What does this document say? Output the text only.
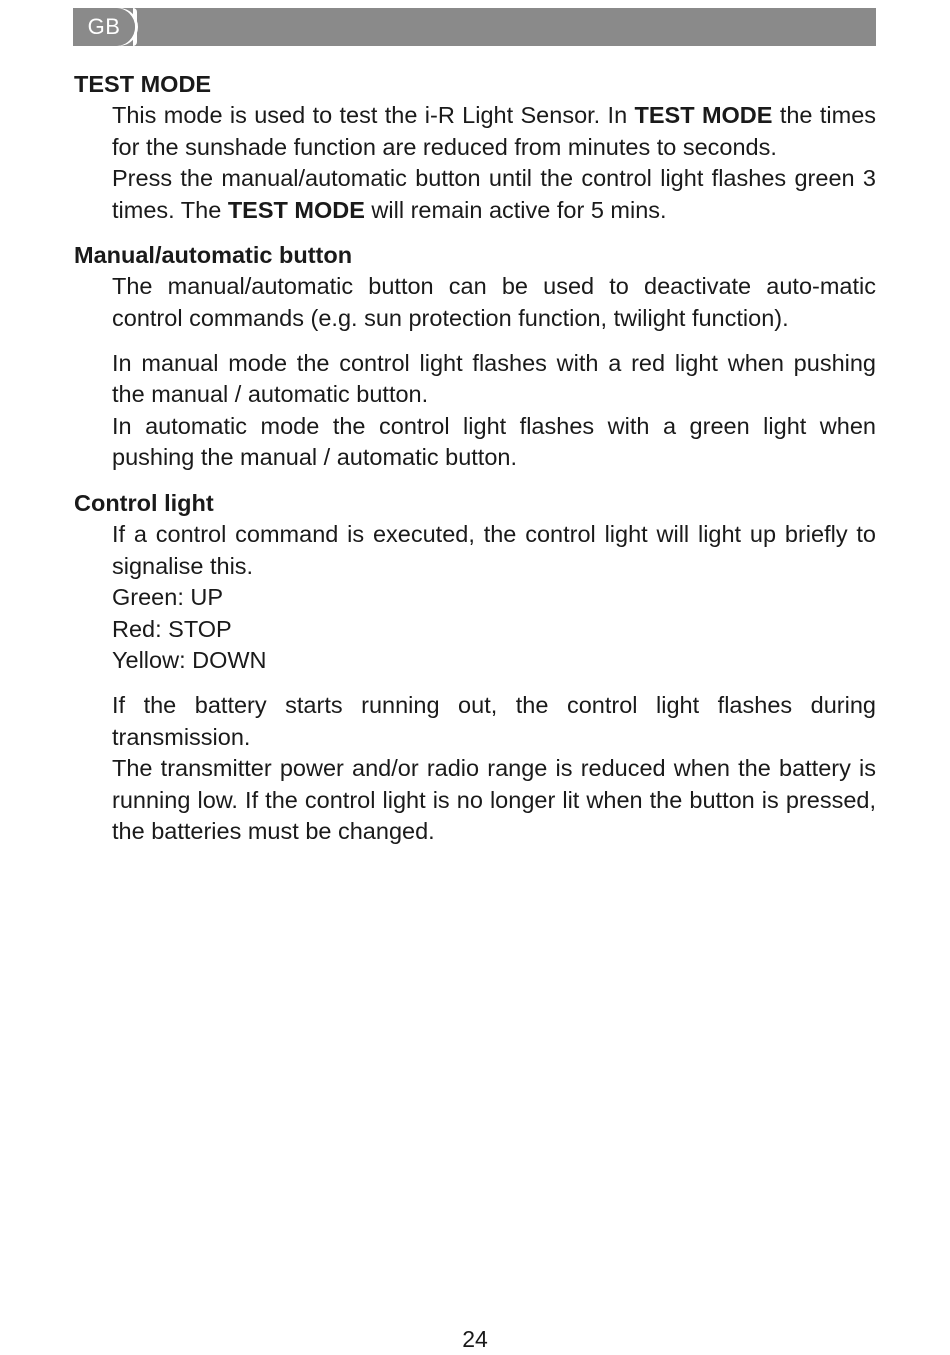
GB
TEST MODE

This mode is used to test the i-R Light Sensor. In TEST MODE the times for the sunshade function are reduced from minutes to seconds.

Press the manual/automatic button until the control light flashes green 3 times. The TEST MODE will remain active for 5 mins.

Manual/automatic button

The manual/automatic button can be used to deactivate auto-matic control commands (e.g. sun protection function, twilight function).

In manual mode the control light flashes with a red light when pushing the manual / automatic button.

In automatic mode the control light flashes with a green light when pushing the manual / automatic button.

Control light

If a control command is executed, the control light will light up briefly to signalise this.

Green: UP

Red: STOP

Yellow: DOWN

If the battery starts running out, the control light flashes during transmission.

The transmitter power and/or radio range is reduced when the battery is running low. If the control light is no longer lit when the button is pressed, the batteries must be changed.

24
